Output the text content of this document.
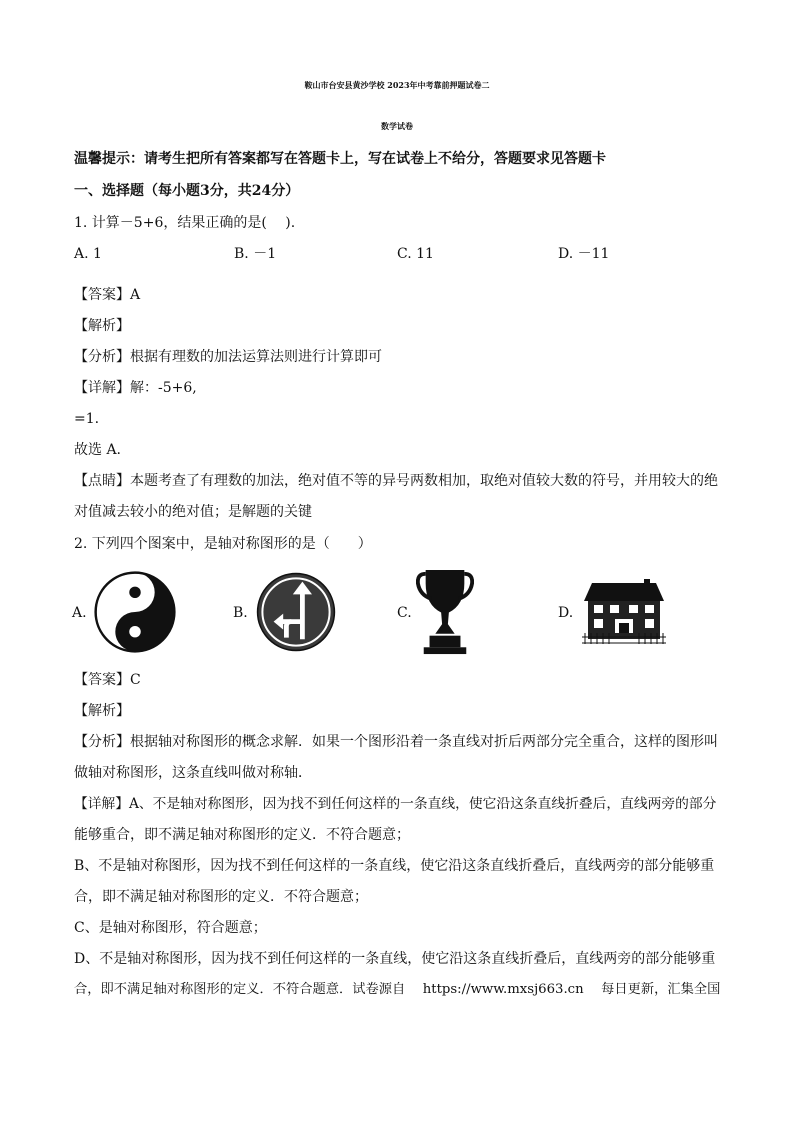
鞍山市台安县黄沙学校 2023年中考靠前押题试卷二
数学试卷
温馨提示：请考生把所有答案都写在答题卡上，写在试卷上不给分，答题要求见答题卡
一、选择题（每小题3分，共24分）
1. 计算－5+6，结果正确的是(　 ).
A. 1	B. －1	C. 11	D. －11
【答案】A
【解析】
【分析】根据有理数的加法运算法则进行计算即可
【详解】解：-5+6,
=1.
故选 A.
【点睛】本题考查了有理数的加法，绝对值不等的异号两数相加，取绝对值较大数的符号，并用较大的绝
对值减去较小的绝对值；是解题的关键
2. 下列四个图案中，是轴对称图形的是（　　）
A.	B.	C.	D.
【答案】C
【解析】
【分析】根据轴对称图形的概念求解．如果一个图形沿着一条直线对折后两部分完全重合，这样的图形叫
做轴对称图形，这条直线叫做对称轴．
【详解】A、不是轴对称图形，因为找不到任何这样的一条直线，使它沿这条直线折叠后，直线两旁的部分
能够重合，即不满足轴对称图形的定义．不符合题意；
B、不是轴对称图形，因为找不到任何这样的一条直线，使它沿这条直线折叠后，直线两旁的部分能够重
合，即不满足轴对称图形的定义．不符合题意；
C、是轴对称图形，符合题意；
D、不是轴对称图形，因为找不到任何这样的一条直线，使它沿这条直线折叠后，直线两旁的部分能够重
合，即不满足轴对称图形的定义．不符合题意．试卷源自　 https://www.mxsj663.cn　 每日更新，汇集全国
